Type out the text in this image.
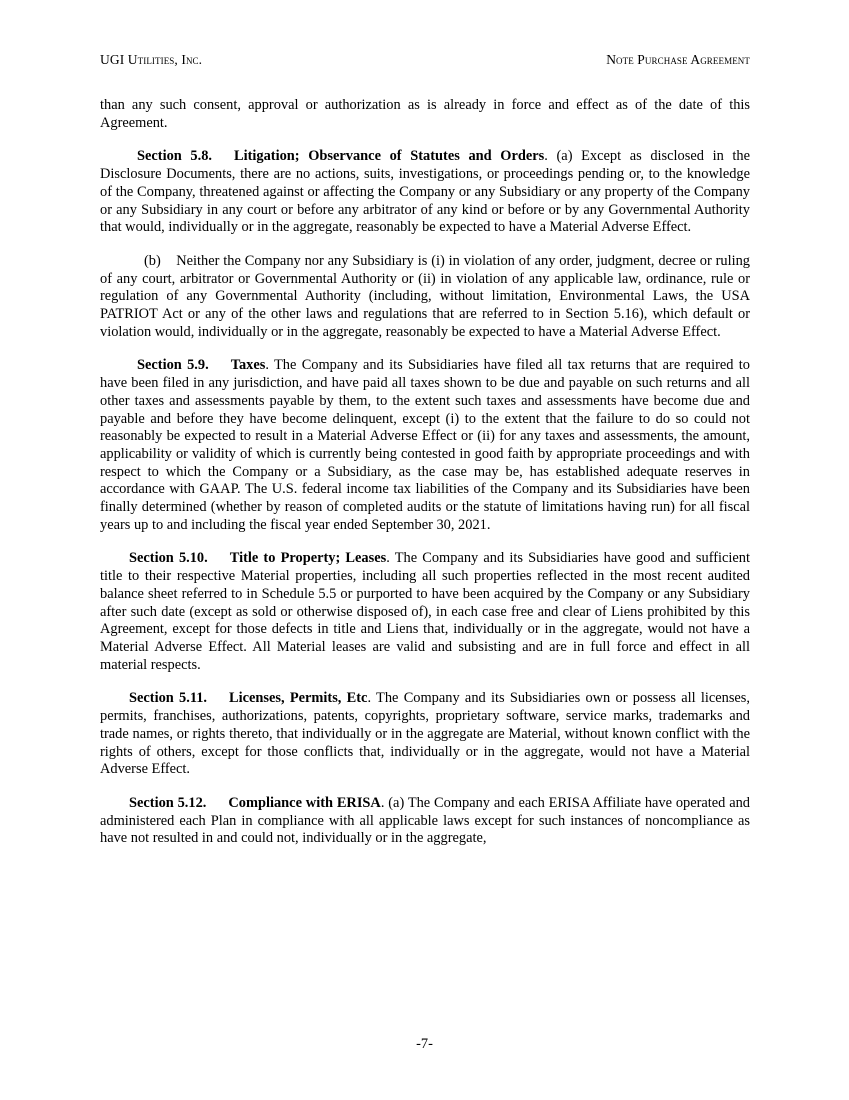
UGI Utilities, Inc.	Note Purchase Agreement

than any such consent, approval or authorization as is already in force and effect as of the date of this Agreement.

Section 5.8. Litigation; Observance of Statutes and Orders. (a) Except as disclosed in the Disclosure Documents, there are no actions, suits, investigations, or proceedings pending or, to the knowledge of the Company, threatened against or affecting the Company or any Subsidiary or any property of the Company or any Subsidiary in any court or before any arbitrator of any kind or before or by any Governmental Authority that would, individually or in the aggregate, reasonably be expected to have a Material Adverse Effect.

(b)    Neither the Company nor any Subsidiary is (i) in violation of any order, judgment, decree or ruling of any court, arbitrator or Governmental Authority or (ii) in violation of any applicable law, ordinance, rule or regulation of any Governmental Authority (including, without limitation, Environmental Laws, the USA PATRIOT Act or any of the other laws and regulations that are referred to in Section 5.16), which default or violation would, individually or in the aggregate, reasonably be expected to have a Material Adverse Effect.

Section 5.9. Taxes. The Company and its Subsidiaries have filed all tax returns that are required to have been filed in any jurisdiction, and have paid all taxes shown to be due and payable on such returns and all other taxes and assessments payable by them, to the extent such taxes and assessments have become due and payable and before they have become delinquent, except (i) to the extent that the failure to do so could not reasonably be expected to result in a Material Adverse Effect or (ii) for any taxes and assessments, the amount, applicability or validity of which is currently being contested in good faith by appropriate proceedings and with respect to which the Company or a Subsidiary, as the case may be, has established adequate reserves in accordance with GAAP. The U.S. federal income tax liabilities of the Company and its Subsidiaries have been finally determined (whether by reason of completed audits or the statute of limitations having run) for all fiscal years up to and including the fiscal year ended September 30, 2021.

Section 5.10. Title to Property; Leases. The Company and its Subsidiaries have good and sufficient title to their respective Material properties, including all such properties reflected in the most recent audited balance sheet referred to in Schedule 5.5 or purported to have been acquired by the Company or any Subsidiary after such date (except as sold or otherwise disposed of), in each case free and clear of Liens prohibited by this Agreement, except for those defects in title and Liens that, individually or in the aggregate, would not have a Material Adverse Effect. All Material leases are valid and subsisting and are in full force and effect in all material respects.

Section 5.11. Licenses, Permits, Etc. The Company and its Subsidiaries own or possess all licenses, permits, franchises, authorizations, patents, copyrights, proprietary software, service marks, trademarks and trade names, or rights thereto, that individually or in the aggregate are Material, without known conflict with the rights of others, except for those conflicts that, individually or in the aggregate, would not have a Material Adverse Effect.

Section 5.12. Compliance with ERISA. (a) The Company and each ERISA Affiliate have operated and administered each Plan in compliance with all applicable laws except for such instances of noncompliance as have not resulted in and could not, individually or in the aggregate,

-7-
